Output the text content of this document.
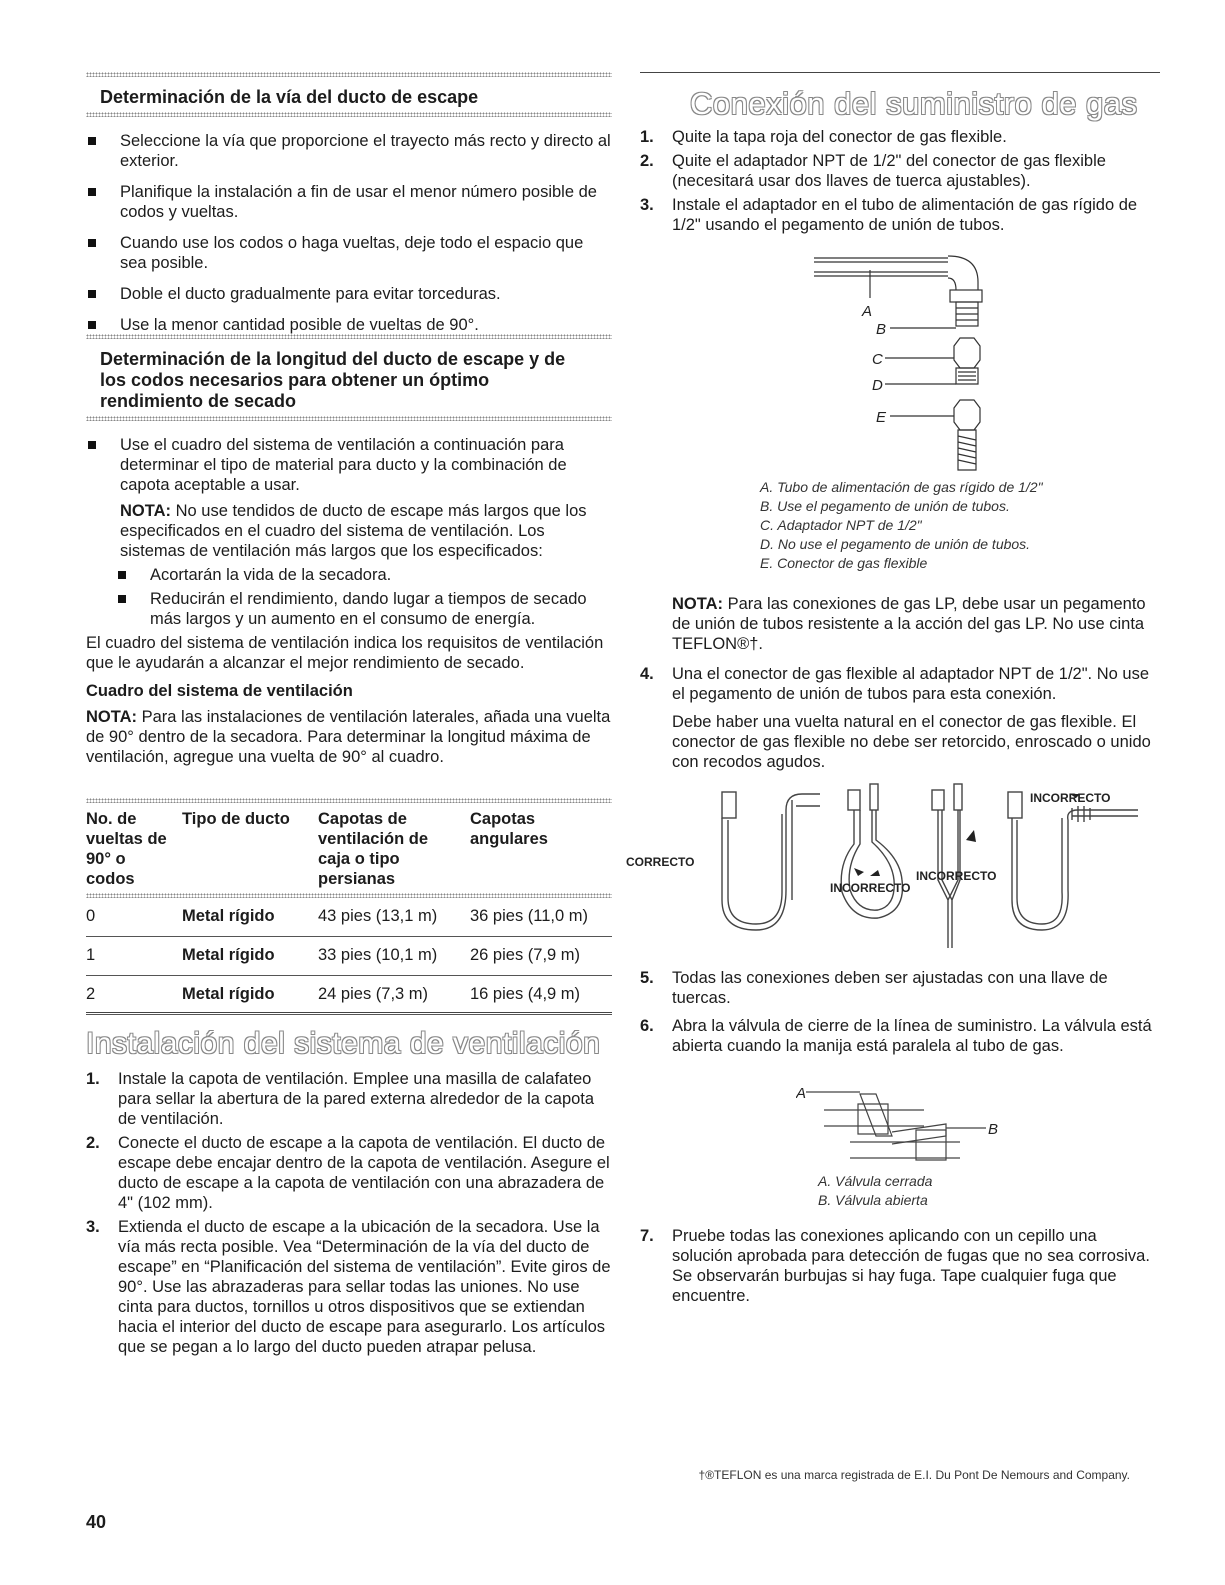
Determinación de la vía del ducto de escape
Seleccione la vía que proporcione el trayecto más recto y directo al exterior.
Planifique la instalación a fin de usar el menor número posible de codos y vueltas.
Cuando use los codos o haga vueltas, deje todo el espacio que sea posible.
Doble el ducto gradualmente para evitar torceduras.
Use la menor cantidad posible de vueltas de 90°.
Determinación de la longitud del ducto de escape y de los codos necesarios para obtener un óptimo rendimiento de secado
Use el cuadro del sistema de ventilación a continuación para determinar el tipo de material para ducto y la combinación de capota aceptable a usar.

NOTA: No use tendidos de ducto de escape más largos que los especificados en el cuadro del sistema de ventilación. Los sistemas de ventilación más largos que los especificados:

Acortarán la vida de la secadora.
Reducirán el rendimiento, dando lugar a tiempos de secado más largos y un aumento en el consumo de energía.

El cuadro del sistema de ventilación indica los requisitos de ventilación que le ayudarán a alcanzar el mejor rendimiento de secado.

Cuadro del sistema de ventilación

NOTA: Para las instalaciones de ventilación laterales, añada una vuelta de 90° dentro de la secadora. Para determinar la longitud máxima de ventilación, agregue una vuelta de 90° al cuadro.

No. de vueltas de 90° o codos	Tipo de ducto	Capotas de ventilación de caja o tipo persianas	Capotas angulares

0	Metal rígido	43 pies (13,1 m)	36 pies (11,0 m)
1	Metal rígido	33 pies (10,1 m)	26 pies (7,9 m)
2	Metal rígido	24 pies (7,3 m)	16 pies (4,9 m)
Instalación del sistema de ventilación
1. Instale la capota de ventilación. Emplee una masilla de calafateo para sellar la abertura de la pared externa alrededor de la capota de ventilación.
2. Conecte el ducto de escape a la capota de ventilación. El ducto de escape debe encajar dentro de la capota de ventilación. Asegure el ducto de escape a la capota de ventilación con una abrazadera de 4" (102 mm).
3. Extienda el ducto de escape a la ubicación de la secadora. Use la vía más recta posible. Vea “Determinación de la vía del ducto de escape” en “Planificación del sistema de ventilación”. Evite giros de 90°. Use las abrazaderas para sellar todas las uniones. No use cinta para ductos, tornillos u otros dispositivos que se extiendan hacia el interior del ducto de escape para asegurarlo. Los artículos que se pegan a lo largo del ducto pueden atrapar pelusa.
40
Conexión del suministro de gas
1. Quite la tapa roja del conector de gas flexible.
2. Quite el adaptador NPT de 1/2" del conector de gas flexible (necesitará usar dos llaves de tuerca ajustables).
3. Instale el adaptador en el tubo de alimentación de gas rígido de 1/2" usando el pegamento de unión de tubos.
A
B
C
D
E
A. Tubo de alimentación de gas rígido de 1/2"
B. Use el pegamento de unión de tubos.
C. Adaptador NPT de 1/2"
D. No use el pegamento de unión de tubos.
E. Conector de gas flexible

NOTA: Para las conexiones de gas LP, debe usar un pegamento de unión de tubos resistente a la acción del gas LP. No use cinta TEFLON®†.

4. Una el conector de gas flexible al adaptador NPT de 1/2". No use el pegamento de unión de tubos para esta conexión.

Debe haber una vuelta natural en el conector de gas flexible. El conector de gas flexible no debe ser retorcido, enroscado o unido con recodos agudos.

CORRECTO
INCORRECTO
INCORRECTO
INCORRECTO
5. Todas las conexiones deben ser ajustadas con una llave de tuercas.
6. Abra la válvula de cierre de la línea de suministro. La válvula está abierta cuando la manija está paralela al tubo de gas.
A
B
A. Válvula cerrada
B. Válvula abierta
7. Pruebe todas las conexiones aplicando con un cepillo una solución aprobada para detección de fugas que no sea corrosiva. Se observarán burbujas si hay fuga. Tape cualquier fuga que encuentre.
†®TEFLON es una marca registrada de E.I. Du Pont De Nemours and Company.
